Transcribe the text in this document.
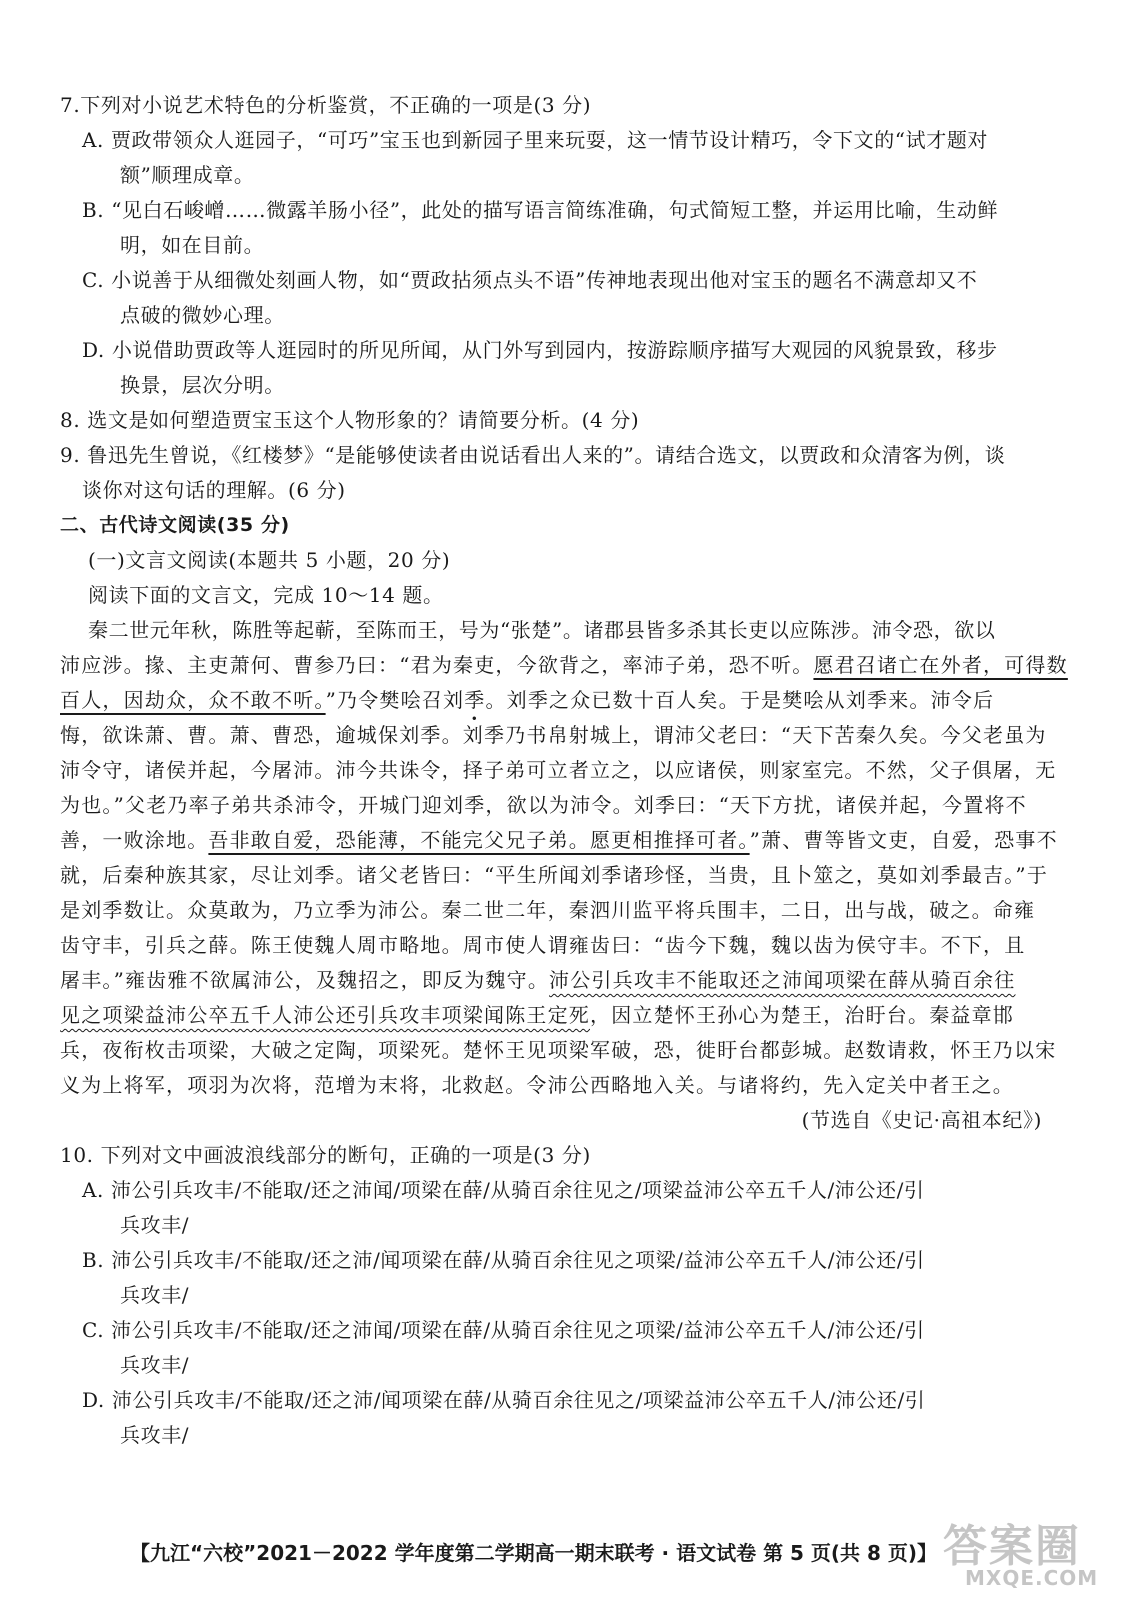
7.下列对小说艺术特色的分析鉴赏，不正确的一项是(3 分)
A. 贾政带领众人逛园子，“可巧”宝玉也到新园子里来玩耍，这一情节设计精巧，令下文的“试才题对
额”顺理成章。
B. “见白石峻嶒……微露羊肠小径”，此处的描写语言简练准确，句式简短工整，并运用比喻，生动鲜
明，如在目前。
C. 小说善于从细微处刻画人物，如“贾政拈须点头不语”传神地表现出他对宝玉的题名不满意却又不
点破的微妙心理。
D. 小说借助贾政等人逛园时的所见所闻，从门外写到园内，按游踪顺序描写大观园的风貌景致，移步
换景，层次分明。
8. 选文是如何塑造贾宝玉这个人物形象的？请简要分析。(4 分)
9. 鲁迅先生曾说，《红楼梦》“是能够使读者由说话看出人来的”。请结合选文，以贾政和众清客为例，谈
谈你对这句话的理解。(6 分)
二、古代诗文阅读(35 分)
(一)文言文阅读(本题共 5 小题，20 分)
阅读下面的文言文，完成 10～14 题。
秦二世元年秋，陈胜等起蕲，至陈而王，号为“张楚”。诸郡县皆多杀其长吏以应陈涉。沛令恐，欲以
沛应涉。掾、主吏萧何、曹参乃曰：“君为秦吏，今欲背之，率沛子弟，恐不听。愿君召诸亡在外者，可得数
百人，因劫众，众不敢不听。”乃令樊哙召刘季。刘季之众已数十百人矣。于是樊哙从刘季来。沛令后
悔，欲诛萧、曹。萧、曹恐，逾城保刘季。刘季乃书帛射城上，谓沛父老曰：“天下苦秦久矣。今父老虽为
沛令守，诸侯并起，今屠沛。沛今共诛令，择子弟可立者立之，以应诸侯，则家室完。不然，父子俱屠，无
为也。”父老乃率子弟共杀沛令，开城门迎刘季，欲以为沛令。刘季曰：“天下方扰，诸侯并起，今置将不
善，一败涂地。吾非敢自爱，恐能薄，不能完父兄子弟。愿更相推择可者。”萧、曹等皆文吏，自爱，恐事不
就，后秦种族其家，尽让刘季。诸父老皆曰：“平生所闻刘季诸珍怪，当贵，且卜筮之，莫如刘季最吉。”于
是刘季数让。众莫敢为，乃立季为沛公。秦二世二年，秦泗川监平将兵围丰，二日，出与战，破之。命雍
齿守丰，引兵之薛。陈王使魏人周市略地。周市使人谓雍齿曰：“齿今下魏，魏以齿为侯守丰。不下，且
屠丰。”雍齿雅不欲属沛公，及魏招之，即反为魏守。沛公引兵攻丰不能取还之沛闻项梁在薛从骑百余往
见之项梁益沛公卒五千人沛公还引兵攻丰项梁闻陈王定死，因立楚怀王孙心为楚王，治盱台。秦益章邯
兵，夜衔枚击项梁，大破之定陶，项梁死。楚怀王见项梁军破，恐，徙盱台都彭城。赵数请救，怀王乃以宋
义为上将军，项羽为次将，范增为末将，北救赵。令沛公西略地入关。与诸将约，先入定关中者王之。
(节选自《史记·高祖本纪》)
10. 下列对文中画波浪线部分的断句，正确的一项是(3 分)
A. 沛公引兵攻丰/不能取/还之沛闻/项梁在薛/从骑百余往见之/项梁益沛公卒五千人/沛公还/引
兵攻丰/
B. 沛公引兵攻丰/不能取/还之沛/闻项梁在薛/从骑百余往见之项梁/益沛公卒五千人/沛公还/引
兵攻丰/
C. 沛公引兵攻丰/不能取/还之沛闻/项梁在薛/从骑百余往见之项梁/益沛公卒五千人/沛公还/引
兵攻丰/
D. 沛公引兵攻丰/不能取/还之沛/闻项梁在薛/从骑百余往见之/项梁益沛公卒五千人/沛公还/引
兵攻丰/
【九江“六校”2021－2022 学年度第二学期高一期末联考 · 语文试卷 第 5 页(共 8 页)】 答案圈
MXQE.COM
